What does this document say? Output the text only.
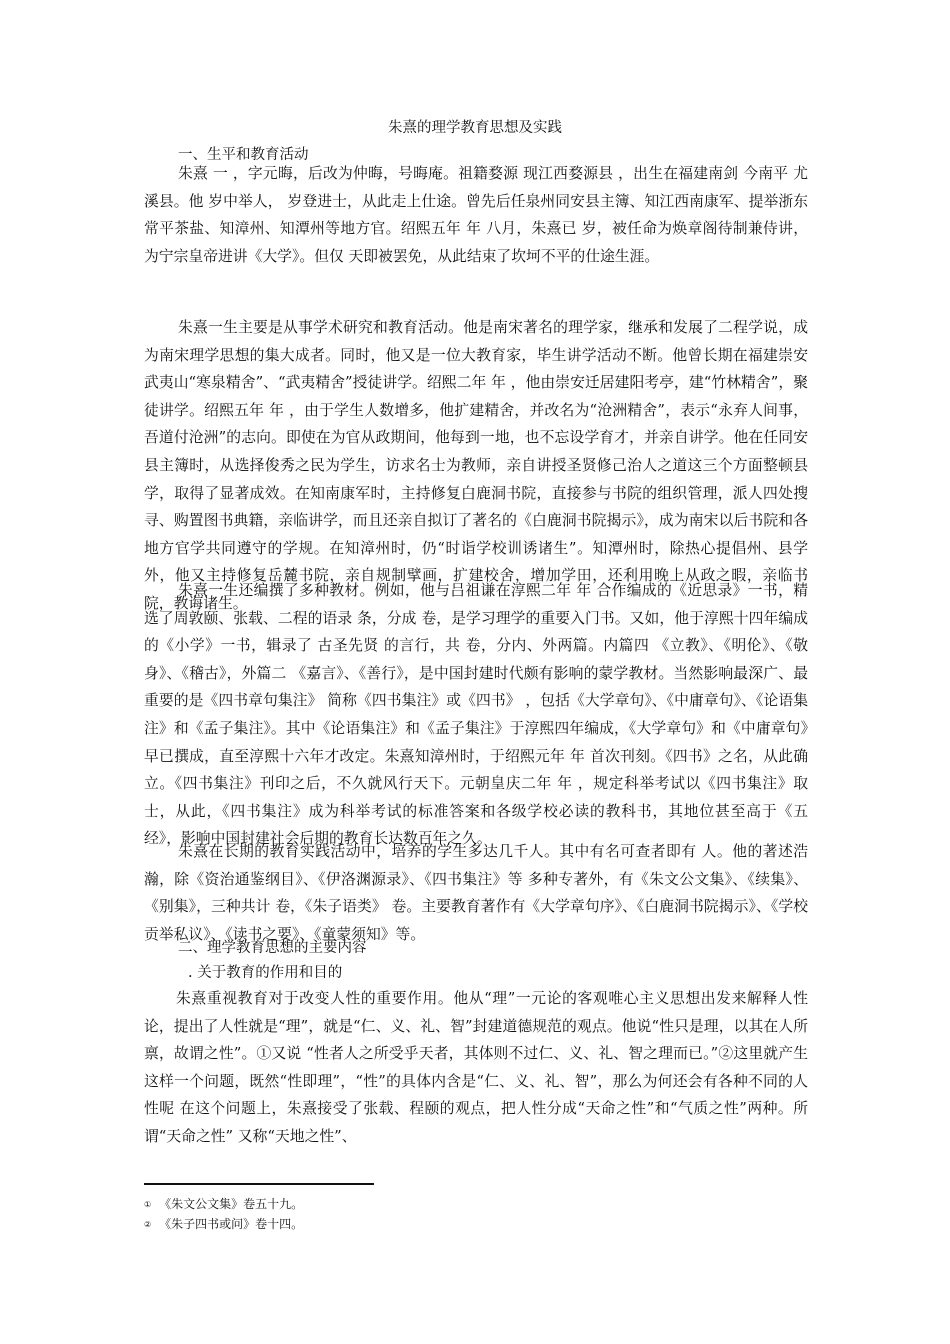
朱熹的理学教育思想及实践
一、生平和教育活动

朱熹 一 ，字元晦，后改为仲晦，号晦庵。祖籍婺源 现江西婺源县 ，出生在福建南剑 今南平 尤溪县。他 岁中举人， 岁登进士，从此走上仕途。曾先后任泉州同安县主簿、知江西南康军、提举浙东常平茶盐、知漳州、知潭州等地方官。绍熙五年 年 八月，朱熹已 岁，被任命为焕章阁待制兼侍讲，为宁宗皇帝进讲《大学》。但仅 天即被罢免，从此结束了坎坷不平的仕途生涯。

朱熹一生主要是从事学术研究和教育活动。他是南宋著名的理学家，继承和发展了二程学说，成为南宋理学思想的集大成者。同时，他又是一位大教育家，毕生讲学活动不断。他曾长期在福建崇安武夷山“寒泉精舍”、“武夷精舍”授徒讲学。绍熙二年 年 ，他由崇安迁居建阳考亭，建“竹林精舍”，聚徒讲学。绍熙五年 年 ，由于学生人数增多，他扩建精舍，并改名为“沧洲精舍”，表示“永弃人间事，吾道付沧洲”的志向。即使在为官从政期间，他每到一地，也不忘设学育才，并亲自讲学。他在任同安县主簿时，从选择俊秀之民为学生，访求名士为教师，亲自讲授圣贤修己治人之道这三个方面整顿县学，取得了显著成效。在知南康军时，主持修复白鹿洞书院，直接参与书院的组织管理，派人四处搜寻、购置图书典籍，亲临讲学，而且还亲自拟订了著名的《白鹿洞书院揭示》，成为南宋以后书院和各地方官学共同遵守的学规。在知漳州时，仍“时诣学校训诱诸生”。知潭州时，除热心提倡州、县学外，他又主持修复岳麓书院，亲自规制擘画，扩建校舍，增加学田，还利用晚上从政之暇，亲临书院，教诲诸生。

朱熹一生还编撰了多种教材。例如，他与吕祖谦在淳熙二年 年 合作编成的《近思录》一书，精选了周敦颐、张载、二程的语录 条，分成 卷，是学习理学的重要入门书。又如，他于淳熙十四年编成的《小学》一书，辑录了 古圣先贤 的言行，共 卷，分内、外两篇。内篇四 《立教》、《明伦》、《敬身》、《稽古》，外篇二 《嘉言》、《善行》，是中国封建时代颇有影响的蒙学教材。当然影响最深广、最重要的是《四书章句集注》 简称《四书集注》或《四书》 ，包括《大学章句》、《中庸章句》、《论语集注》和《孟子集注》。其中《论语集注》和《孟子集注》于淳熙四年编成，《大学章句》和《中庸章句》早已撰成，直至淳熙十六年才改定。朱熹知漳州时，于绍熙元年 年 首次刊刻。《四书》之名，从此确立。《四书集注》刊印之后，不久就风行天下。元朝皇庆二年 年 ，规定科举考试以《四书集注》取士，从此，《四书集注》成为科举考试的标准答案和各级学校必读的教科书，其地位甚至高于《五经》，影响中国封建社会后期的教育长达数百年之久。

朱熹在长期的教育实践活动中，培养的学生多达几千人。其中有名可查者即有 人。他的著述浩瀚，除《资治通鉴纲目》、《伊洛渊源录》、《四书集注》等 多种专著外，有《朱文公文集》、《续集》、《别集》，三种共计 卷，《朱子语类》 卷。主要教育著作有《大学章句序》、《白鹿洞书院揭示》、《学校贡举私议》、《读书之要》、《童蒙须知》等。

二、理学教育思想的主要内容
. 关于教育的作用和目的

朱熹重视教育对于改变人性的重要作用。他从“理”一元论的客观唯心主义思想出发来解释人性论，提出了人性就是“理”，就是“仁、义、礼、智”封建道德规范的观点。他说“性只是理，以其在人所禀，故谓之性”。①又说 “性者人之所受乎天者，其体则不过仁、义、礼、智之理而已。”②这里就产生这样一个问题，既然“性即理”，“性”的具体内含是“仁、义、礼、智”，那么为何还会有各种不同的人性呢 在这个问题上，朱熹接受了张载、程颐的观点，把人性分成“天命之性”和“气质之性”两种。所谓“天命之性” 又称“天地之性”、

① 《朱文公文集》卷五十九。
② 《朱子四书或问》卷十四。
